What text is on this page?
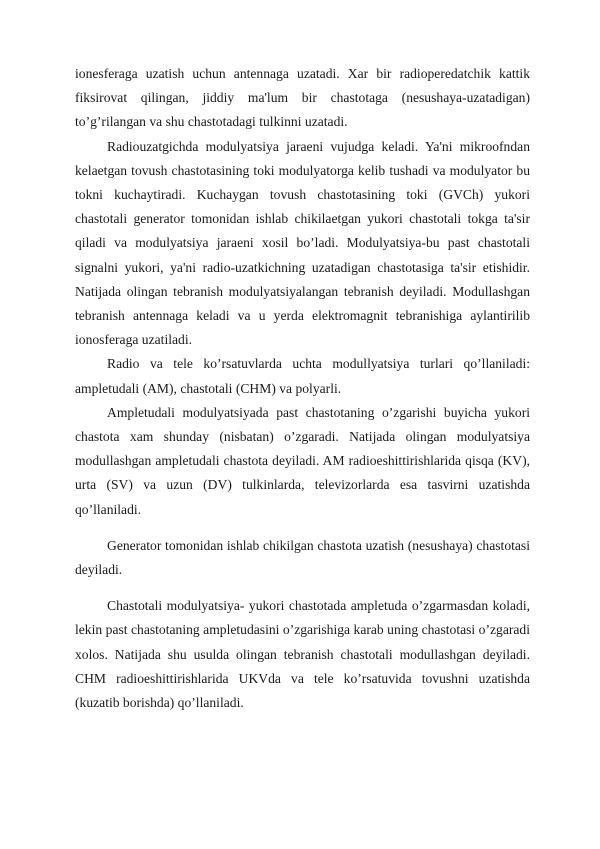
ionesferaga uzatish uchun antennaga uzatadi. Xar bir radioperedatchik kattik fiksirovat qilingan, jiddiy ma'lum bir chastotaga (nesushaya-uzatadigan) to’g’rilangan va shu chastotadagi tulkinni uzatadi.

Radiouzatgichda modulyatsiya jaraeni vujudga keladi. Ya'ni mikroofndan kelaetgan tovush chastotasining toki modulyatorga kelib tushadi va modulyator bu tokni kuchaytiradi. Kuchaygan tovush chastotasining toki (GVCh) yukori chastotali generator tomonidan ishlab chikilaetgan yukori chastotali tokga ta'sir qiladi va modulyatsiya jaraeni xosil bo’ladi. Modulyatsiya-bu past chastotali signalni yukori, ya'ni radio-uzatkichning uzatadigan chastotasiga ta'sir etishidir. Natijada olingan tebranish modulyatsiyalangan tebranish deyiladi. Modullashgan tebranish antennaga keladi va u yerda elektromagnit tebranishiga aylantirilib ionosferaga uzatiladi.

Radio va tele ko’rsatuvlarda uchta modullyatsiya turlari qo’llaniladi: ampletudali (AM), chastotali (CHM) va polyarli.

Ampletudali modulyatsiyada past chastotaning o’zgarishi buyicha yukori chastota xam shunday (nisbatan) o’zgaradi. Natijada olingan modulyatsiya modullashgan ampletudali chastota deyiladi. AM radioeshittirishlarida qisqa (KV), urta (SV) va uzun (DV) tulkinlarda, televizorlarda esa tasvirni uzatishda qo’llaniladi.

Generator tomonidan ishlab chikilgan chastota uzatish (nesushaya) chastotasi deyiladi.

Chastotali modulyatsiya- yukori chastotada ampletuda o’zgarmasdan koladi, lekin past chastotaning ampletudasini o’zgarishiga karab uning chastotasi o’zgaradi xolos. Natijada shu usulda olingan tebranish chastotali modullashgan deyiladi. CHM radioeshittirishlarida UKVda va tele ko’rsatuvida tovushni uzatishda (kuzatib borishda) qo’llaniladi.
